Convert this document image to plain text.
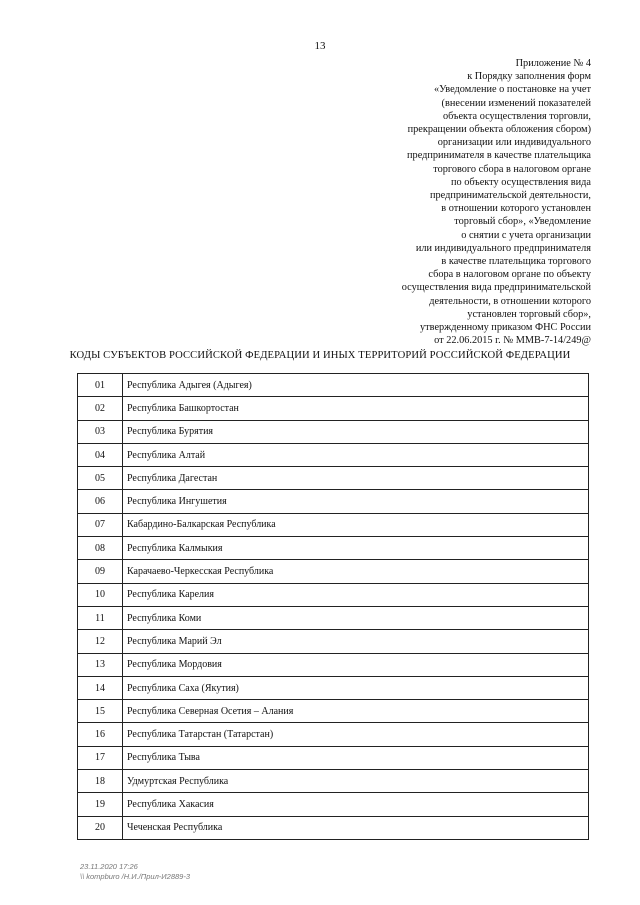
13
Приложение № 4
к Порядку заполнения форм
«Уведомление о постановке на учет
(внесении изменений показателей
объекта осуществления торговли,
прекращении объекта обложения сбором)
организации или индивидуального
предпринимателя в качестве плательщика
торгового сбора в налоговом органе
по объекту осуществления вида
предпринимательской деятельности,
в отношении которого установлен
торговый сбор», «Уведомление
о снятии с учета организации
или индивидуального предпринимателя
в качестве плательщика торгового
сбора в налоговом органе по объекту
осуществления вида предпринимательской
деятельности, в отношении которого
установлен торговый сбор»,
утвержденному приказом ФНС России
от 22.06.2015 г. № ММВ-7-14/249@
КОДЫ СУБЪЕКТОВ РОССИЙСКОЙ ФЕДЕРАЦИИ И ИНЫХ ТЕРРИТОРИЙ РОССИЙСКОЙ ФЕДЕРАЦИИ
01	Республика Адыгея (Адыгея)
02	Республика Башкортостан
03	Республика Бурятия
04	Республика Алтай
05	Республика Дагестан
06	Республика Ингушетия
07	Кабардино-Балкарская Республика
08	Республика Калмыкия
09	Карачаево-Черкесская Республика
10	Республика Карелия
11	Республика Коми
12	Республика Марий Эл
13	Республика Мордовия
14	Республика Саха (Якутия)
15	Республика Северная Осетия – Алания
16	Республика Татарстан (Татарстан)
17	Республика Тыва
18	Удмуртская Республика
19	Республика Хакасия
20	Чеченская Республика
23.11.2020 17:26
\\ kompburo /Н.И./Прил-И2889-3
